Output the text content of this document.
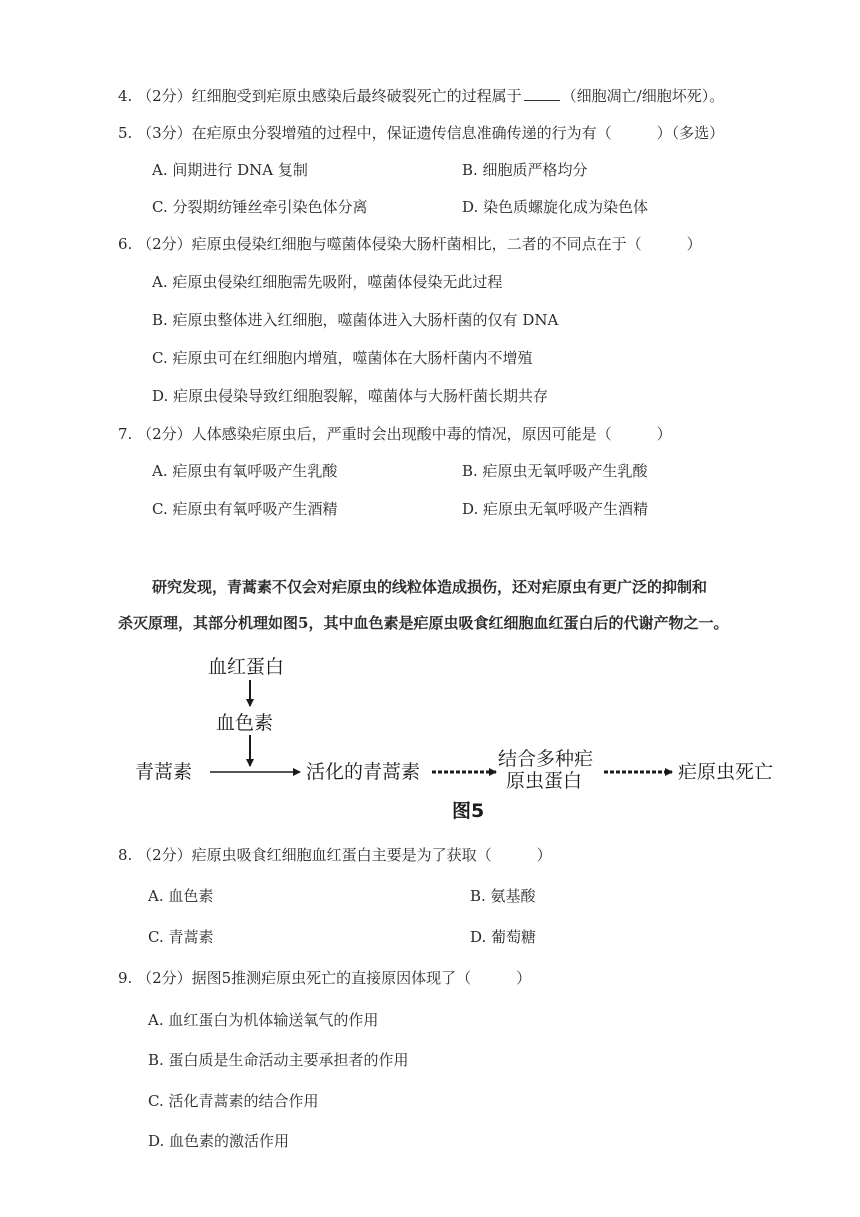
4. （2分）红细胞受到疟原虫感染后最终破裂死亡的过程属于	（细胞凋亡/细胞坏死）。
5. （3分）在疟原虫分裂增殖的过程中，保证遗传信息准确传递的行为有（　　　）（多选）
A. 间期进行 DNA 复制	B. 细胞质严格均分
C. 分裂期纺锤丝牵引染色体分离	D. 染色质螺旋化成为染色体
6. （2分）疟原虫侵染红细胞与噬菌体侵染大肠杆菌相比，二者的不同点在于（　　　）
A. 疟原虫侵染红细胞需先吸附，噬菌体侵染无此过程
B. 疟原虫整体进入红细胞，噬菌体进入大肠杆菌的仅有 DNA
C. 疟原虫可在红细胞内增殖，噬菌体在大肠杆菌内不增殖
D. 疟原虫侵染导致红细胞裂解，噬菌体与大肠杆菌长期共存
7. （2分）人体感染疟原虫后，严重时会出现酸中毒的情况，原因可能是（　　　）
A. 疟原虫有氧呼吸产生乳酸	B. 疟原虫无氧呼吸产生乳酸
C. 疟原虫有氧呼吸产生酒精	D. 疟原虫无氧呼吸产生酒精
研究发现，青蒿素不仅会对疟原虫的线粒体造成损伤，还对疟原虫有更广泛的抑制和
杀灭原理，其部分机理如图5，其中血色素是疟原虫吸食红细胞血红蛋白后的代谢产物之一。
血红蛋白
血色素
青蒿素	活化的青蒿素
结合多种疟
原虫蛋白	疟原虫死亡
图5
8. （2分）疟原虫吸食红细胞血红蛋白主要是为了获取（　　　）
A. 血色素	B. 氨基酸
C. 青蒿素	D. 葡萄糖
9. （2分）据图5推测疟原虫死亡的直接原因体现了（　　　）
A. 血红蛋白为机体输送氧气的作用
B. 蛋白质是生命活动主要承担者的作用
C. 活化青蒿素的结合作用
D. 血色素的激活作用
